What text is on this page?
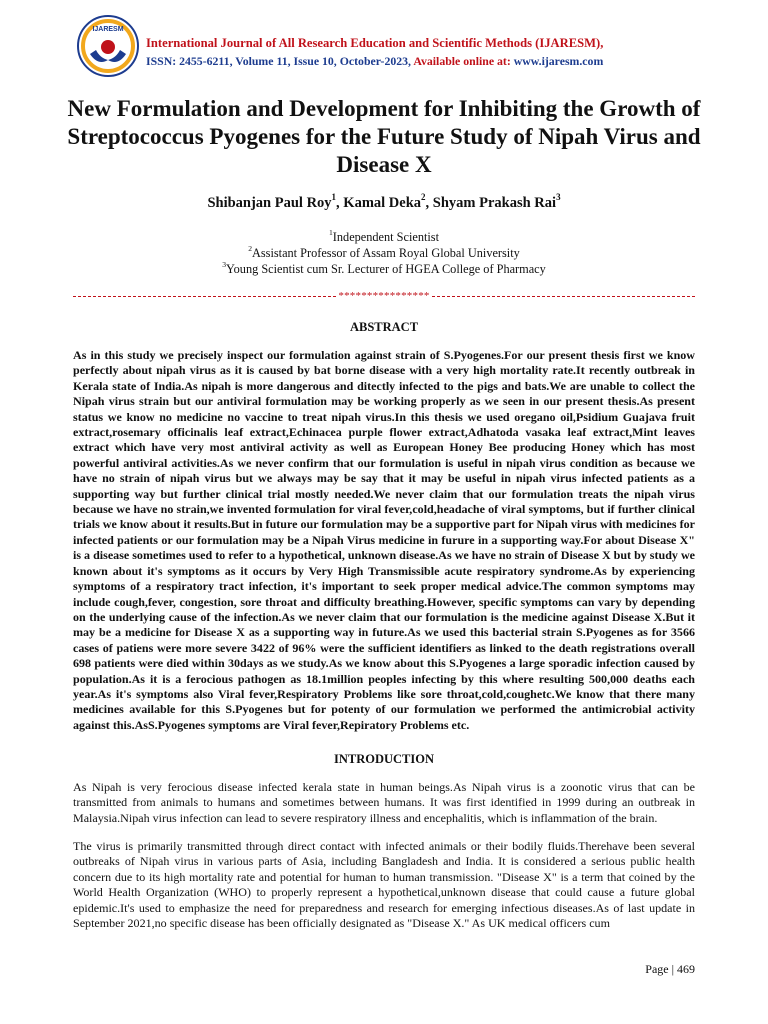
IJARESM
International Journal of All Research Education and Scientific Methods (IJARESM),
ISSN: 2455-6211, Volume 11, Issue 10, October-2023, Available online at: www.ijaresm.com
New Formulation and Development for Inhibiting the Growth of Streptococcus Pyogenes for the Future Study of Nipah Virus and Disease X
Shibanjan Paul Roy$^1$, Kamal Deka$^2$, Shyam Prakash Rai$^3$
$^1$Independent Scientist
$^2$Assistant Professor of Assam Royal Global University
$^3$Young Scientist cum Sr. Lecturer of HGEA College of Pharmacy
****************
ABSTRACT
As in this study we precisely inspect our formulation against strain of S.Pyogenes.For our present thesis first we know perfectly about nipah virus as it is caused by bat borne disease with a very high mortality rate.It recently outbreak in Kerala state of India.As nipah is more dangerous and ditectly infected to the pigs and bats.We are unable to collect the Nipah virus strain but our antiviral formulation may be working properly as we seen in our present thesis.As present status we know no medicine no vaccine to treat nipah virus.In this thesis we used oregano oil,Psidium Guajava fruit extract,rosemary officinalis leaf extract,Echinacea purple flower extract,Adhatoda vasaka leaf extract,Mint leaves extract which have very most antiviral activity as well as European Honey Bee producing Honey which has most powerful antiviral activities.As we never confirm that our formulation is useful in nipah virus condition as because we have no strain of nipah virus but we always may be say that it may be useful in nipah virus infected patients as a supporting way but further clinical trial mostly needed.We never claim that our formulation treats the nipah virus because we have no strain,we invented formulation for viral fever,cold,headache of viral symptoms, but if further clinical trials we know about it results.But in future our formulation may be a supportive part for Nipah virus with medicines for infected patients or our formulation may be a Nipah Virus medicine in furure in a supporting way.For about Disease X" is a disease sometimes used to refer to a hypothetical, unknown disease.As we have no strain of Disease X but by study we known about it's symptoms as it occurs by Very High Transmissible acute respiratory syndrome.As by experiencing symptoms of a respiratory tract infection, it's important to seek proper medical advice.The common symptoms may include cough,fever, congestion, sore throat and difficulty breathing.However, specific symptoms can vary by depending on the underlying cause of the infection.As we never claim that our formulation is the medicine against Disease X.But it may be a medicine for Disease X as a supporting way in future.As we used this bacterial strain S.Pyogenes as for 3566 cases of patiens were more severe 3422 of 96% were the sufficient identifiers as linked to the death registrations overall 698 patients were died within 30days as we study.As we know about this S.Pyogenes a large sporadic infection caused by population.As it is a ferocious pathogen as 18.1million peoples infecting by this where resulting 500,000 deaths each year.As it's symptoms also Viral fever,Respiratory Problems like sore throat,cold,coughetc.We know that there many medicines available for this S.Pyogenes but for potenty of our formulation we performed the antimicrobial activity against this.AsS.Pyogenes symptoms are Viral fever,Repiratory Problems etc.
INTRODUCTION
As Nipah is very ferocious disease infected kerala state in human beings.As Nipah virus is a zoonotic virus that can be transmitted from animals to humans and sometimes between humans. It was first identified in 1999 during an outbreak in Malaysia.Nipah virus infection can lead to severe respiratory illness and encephalitis, which is inflammation of the brain.
The virus is primarily transmitted through direct contact with infected animals or their bodily fluids.Therehave been several outbreaks of Nipah virus in various parts of Asia, including Bangladesh and India. It is considered a serious public health concern due to its high mortality rate and potential for human to human transmission. "Disease X" is a term that coined by the World Health Organization (WHO) to properly represent a hypothetical,unknown disease that could cause a future global epidemic.It's used to emphasize the need for preparedness and research for emerging infectious diseases.As of last update in September 2021,no specific disease has been officially designated as "Disease X." As UK medical officers cum
Page | 469
